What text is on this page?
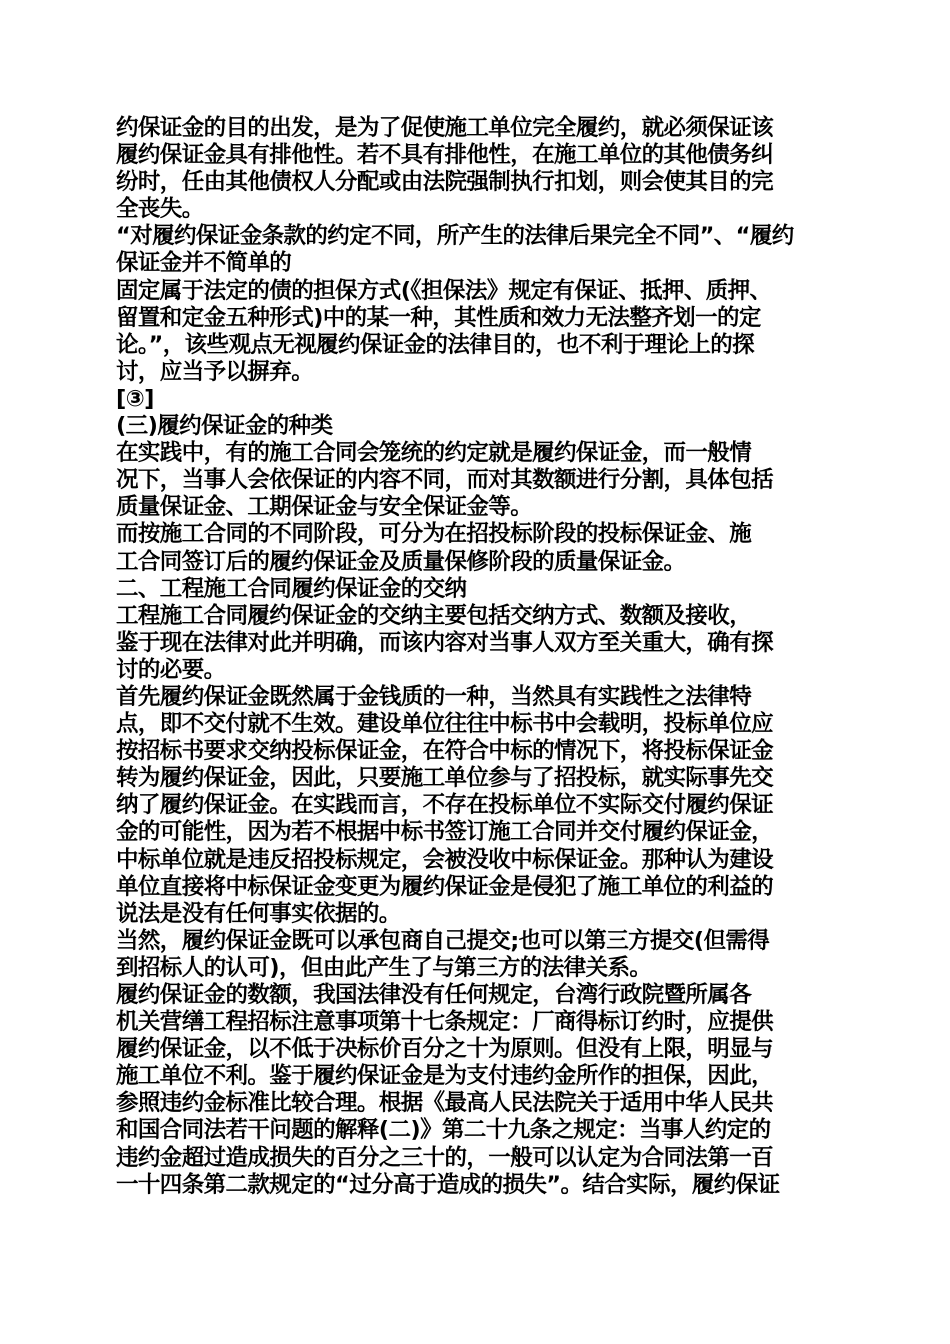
约保证金的目的出发，是为了促使施工单位完全履约，就必须保证该
履约保证金具有排他性。若不具有排他性，在施工单位的其他债务纠
纷时，任由其他债权人分配或由法院强制执行扣划，则会使其目的完
全丧失。
“对履约保证金条款的约定不同，所产生的法律后果完全不同”、“履约
保证金并不简单的
固定属于法定的债的担保方式(《担保法》规定有保证、抵押、质押、
留置和定金五种形式)中的某一种，其性质和效力无法整齐划一的定
论。”，该些观点无视履约保证金的法律目的，也不利于理论上的探
讨，应当予以摒弃。
[③]
(三)履约保证金的种类
在实践中，有的施工合同会笼统的约定就是履约保证金，而一般情
况下，当事人会依保证的内容不同，而对其数额进行分割，具体包括
质量保证金、工期保证金与安全保证金等。
而按施工合同的不同阶段，可分为在招投标阶段的投标保证金、施
工合同签订后的履约保证金及质量保修阶段的质量保证金。
二、工程施工合同履约保证金的交纳
工程施工合同履约保证金的交纳主要包括交纳方式、数额及接收，
鉴于现在法律对此并明确，而该内容对当事人双方至关重大，确有探
讨的必要。
首先履约保证金既然属于金钱质的一种，当然具有实践性之法律特
点，即不交付就不生效。建设单位往往中标书中会载明，投标单位应
按招标书要求交纳投标保证金，在符合中标的情况下，将投标保证金
转为履约保证金，因此，只要施工单位参与了招投标，就实际事先交
纳了履约保证金。在实践而言，不存在投标单位不实际交付履约保证
金的可能性，因为若不根据中标书签订施工合同并交付履约保证金，
中标单位就是违反招投标规定，会被没收中标保证金。那种认为建设
单位直接将中标保证金变更为履约保证金是侵犯了施工单位的利益的
说法是没有任何事实依据的。
当然，履约保证金既可以承包商自己提交;也可以第三方提交(但需得
到招标人的认可)，但由此产生了与第三方的法律关系。
履约保证金的数额，我国法律没有任何规定，台湾行政院暨所属各
机关营缮工程招标注意事项第十七条规定：厂商得标订约时，应提供
履约保证金，以不低于决标价百分之十为原则。但没有上限，明显与
施工单位不利。鉴于履约保证金是为支付违约金所作的担保，因此，
参照违约金标准比较合理。根据《最高人民法院关于适用中华人民共
和国合同法若干问题的解释(二)》第二十九条之规定：当事人约定的
违约金超过造成损失的百分之三十的，一般可以认定为合同法第一百
一十四条第二款规定的“过分高于造成的损失”。结合实际，履约保证
